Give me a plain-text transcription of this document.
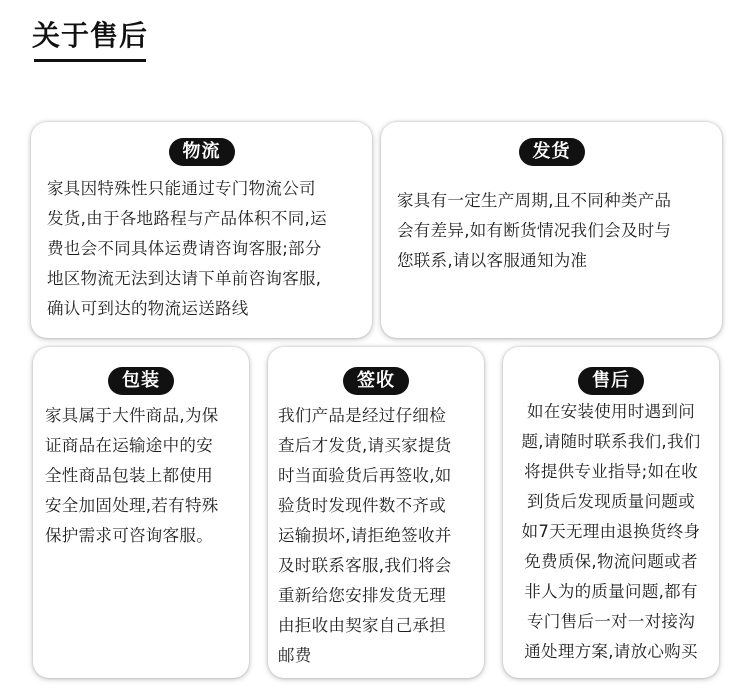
关于售后
物流
家具因特殊性只能通过专门物流公司
发货,由于各地路程与产品体积不同,运
费也会不同具体运费请咨询客服;部分
地区物流无法到达请下单前咨询客服,
确认可到达的物流运送路线
发货
家具有一定生产周期,且不同种类产品
会有差异,如有断货情况我们会及时与
您联系,请以客服通知为准
包装
家具属于大件商品,为保
证商品在运输途中的安
全性商品包装上都使用
安全加固处理,若有特殊
保护需求可咨询客服。
签收
我们产品是经过仔细检
查后才发货,请买家提货
时当面验货后再签收,如
验货时发现件数不齐或
运输损坏,请拒绝签收并
及时联系客服,我们将会
重新给您安排发货无理
由拒收由契家自己承担
邮费
售后
如在安装使用时遇到问
题,请随时联系我们,我们
将提供专业指导;如在收
到货后发现质量问题或
如7天无理由退换货终身
免费质保,物流问题或者
非人为的质量问题,都有
专门售后一对一对接沟
通处理方案,请放心购买
